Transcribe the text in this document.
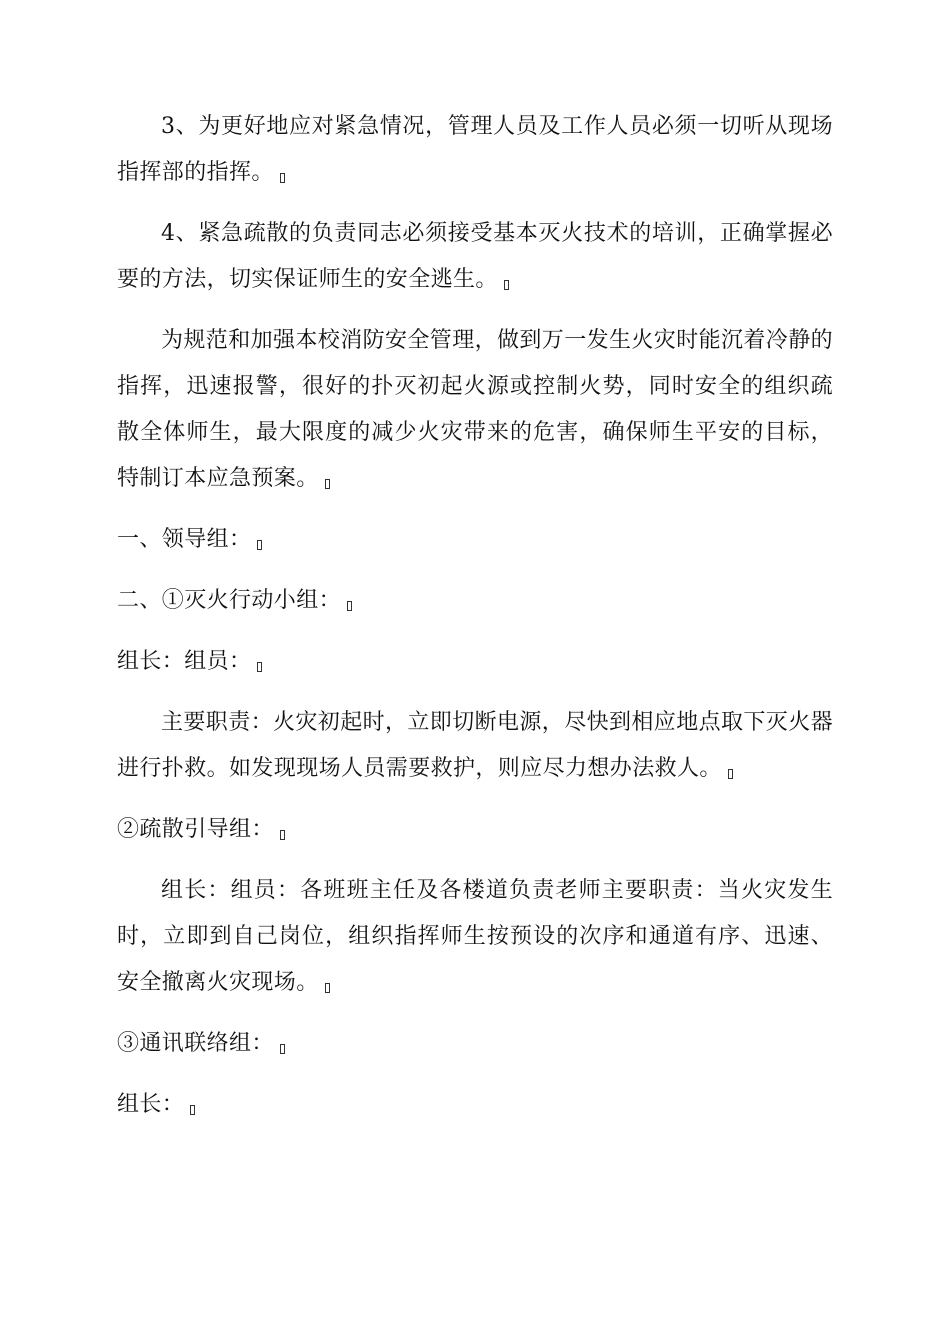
3、为更好地应对紧急情况，管理人员及工作人员必须一切听从现场指挥部的指挥。

4、紧急疏散的负责同志必须接受基本灭火技术的培训，正确掌握必要的方法，切实保证师生的安全逃生。

为规范和加强本校消防安全管理，做到万一发生火灾时能沉着冷静的指挥，迅速报警，很好的扑灭初起火源或控制火势，同时安全的组织疏散全体师生，最大限度的减少火灾带来的危害，确保师生平安的目标，特制订本应急预案。

一、领导组：

二、①灭火行动小组：

组长：组员：

主要职责：火灾初起时，立即切断电源，尽快到相应地点取下灭火器进行扑救。如发现现场人员需要救护，则应尽力想办法救人。

②疏散引导组：

组长：组员：各班班主任及各楼道负责老师主要职责：当火灾发生时，立即到自己岗位，组织指挥师生按预设的次序和通道有序、迅速、安全撤离火灾现场。

③通讯联络组：

组长：
